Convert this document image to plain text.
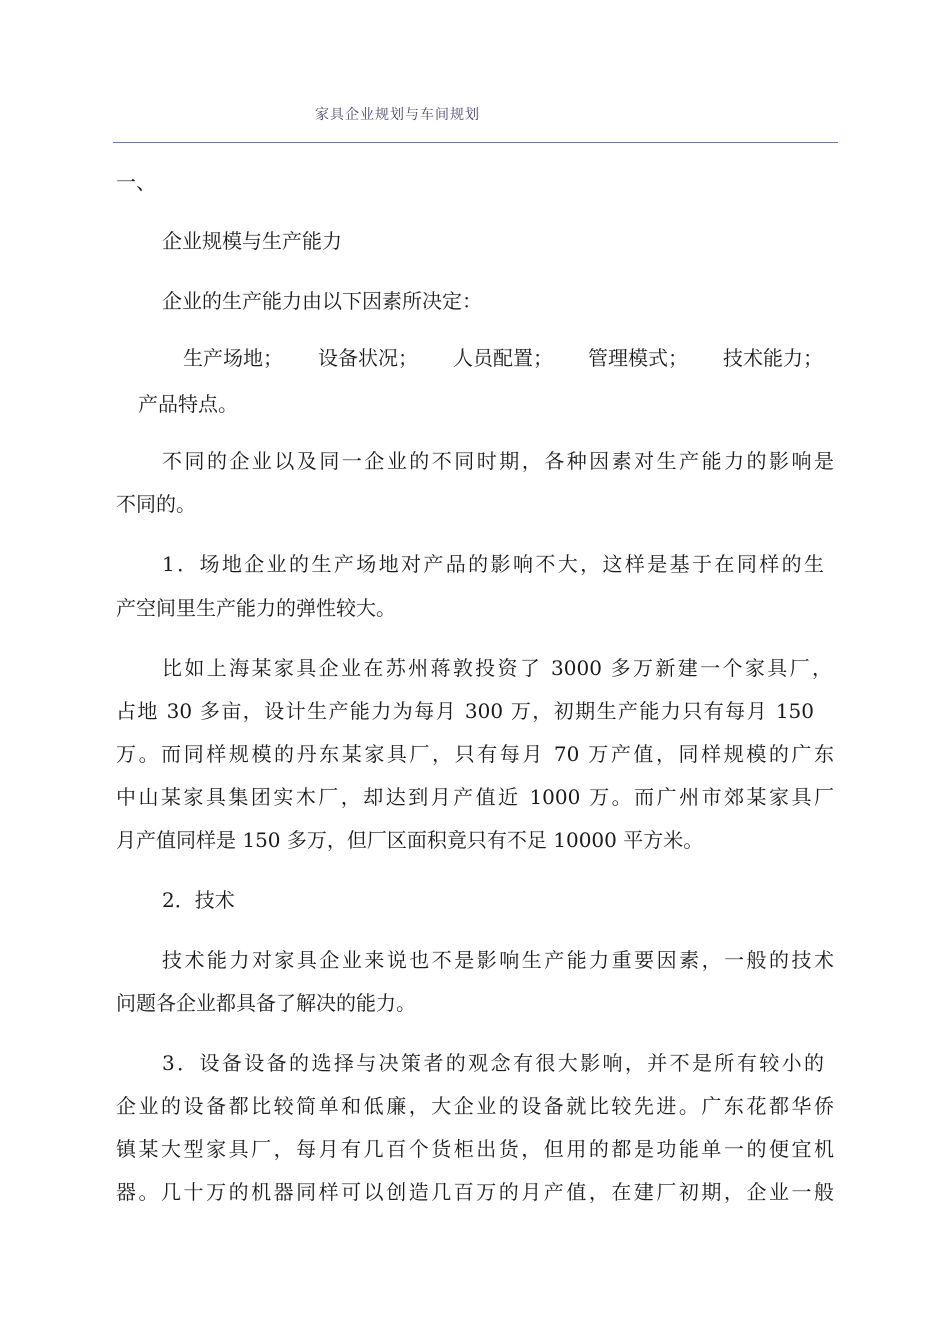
家具企业规划与车间规划
一、
企业规模与生产能力
企业的生产能力由以下因素所决定：
生产场地； 设备状况； 人员配置； 管理模式； 技术能力；
产品特点。
不同的企业以及同一企业的不同时期，各种因素对生产能力的影响是
不同的。
1．场地企业的生产场地对产品的影响不大，这样是基于在同样的生
产空间里生产能力的弹性较大。
比如上海某家具企业在苏州蒋敦投资了 3000 多万新建一个家具厂，
占地 30 多亩，设计生产能力为每月 300 万，初期生产能力只有每月 150
万。而同样规模的丹东某家具厂，只有每月 70 万产值，同样规模的广东
中山某家具集团实木厂，却达到月产值近 1000 万。而广州市郊某家具厂
月产值同样是 150 多万，但厂区面积竟只有不足 10000 平方米。
2．技术
技术能力对家具企业来说也不是影响生产能力重要因素，一般的技术
问题各企业都具备了解决的能力。
3．设备设备的选择与决策者的观念有很大影响，并不是所有较小的
企业的设备都比较简单和低廉，大企业的设备就比较先进。广东花都华侨
镇某大型家具厂，每月有几百个货柜出货，但用的都是功能单一的便宜机
器。几十万的机器同样可以创造几百万的月产值，在建厂初期，企业一般
